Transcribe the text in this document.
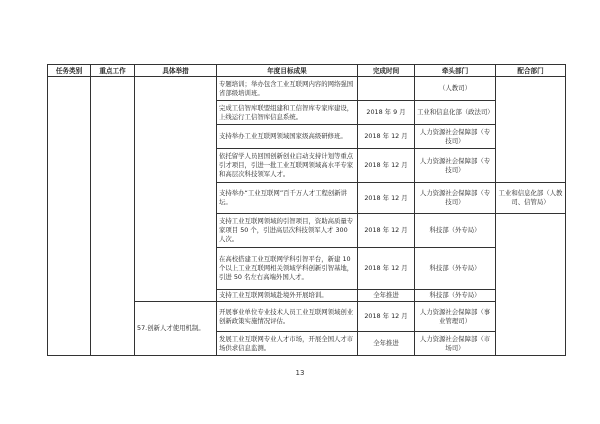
任务类别	重点工作	具体举措	年度目标成果	完成时间	牵头部门	配合部门
			专题培训；举办包含工业互联网内容的网络强国省部级培训班。		（人教司）	
			完成工信智库联盟组建和工信智库专家库建设，上线运行工信智库信息系统。	2018 年 9 月	工业和信息化部（政法司）	
			支持举办工业互联网领域国家级高级研修班。	2018 年 12 月	人力资源社会保障部（专技司）	
			依托留学人员回国创新创业启动支持计划等重点引才项目，引进一批工业互联网领域高水平专家和高层次科技领军人才。	2018 年 12 月	人力资源社会保障部（专技司）	
			支持举办“工业互联网”百千万人才工程创新讲坛。	2018 年 12 月	人力资源社会保障部（专技司）	工业和信息化部（人教司、信管局）
			支持工业互联网领域的引智项目，资助高质量专家项目 50 个，引进高层次科技领军人才 300 人次。	2018 年 12 月	科技部（外专局）	
			在高校搭建工业互联网学科引智平台，新建 10 个以上工业互联网相关领域学科创新引智基地，引进 50 名左右高端外国人才。	2018 年 12 月	科技部（外专局）	
			支持工业互联网领域赴境外开展培训。	全年推进	科技部（外专局）	
		57.创新人才使用机制。	开展事业单位专业技术人员工业互联网领域创业创新政策实施情况评估。	2018 年 12 月	人力资源社会保障部（事业管理司）	
			发展工业互联网专业人才市场，开展全国人才市场供求信息监测。	全年推进	人力资源社会保障部（市场司）	
13
